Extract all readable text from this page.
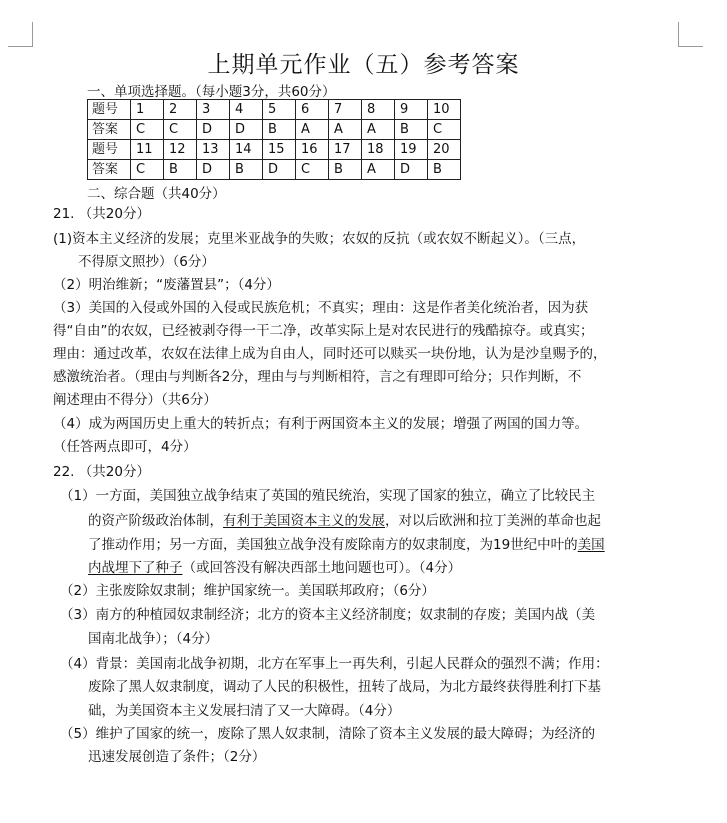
上期单元作业（五）参考答案
一、单项选择题。（每小题3分，共60分）
题号	1	2	3	4	5	6	7	8	9	10
答案	C	C	D	D	B	A	A	A	B	C
题号	11	12	13	14	15	16	17	18	19	20
答案	C	B	D	B	D	C	B	A	D	B
二、综合题（共40分）
21. （共20分）
(1)资本主义经济的发展；克里米亚战争的失败；农奴的反抗（或农奴不断起义）。（三点，
不得原文照抄）（6分）
（2）明治维新；“废藩置县”；（4分）
（3）美国的入侵或外国的入侵或民族危机；不真实；理由：这是作者美化统治者，因为获
得“自由”的农奴，已经被剥夺得一干二净，改革实际上是对农民进行的残酷掠夺。或真实；
理由：通过改革，农奴在法律上成为自由人，同时还可以赎买一块份地，认为是沙皇赐予的，
感激统治者。（理由与判断各2分，理由与与判断相符，言之有理即可给分；只作判断，不
阐述理由不得分）（共6分）
（4）成为两国历史上重大的转折点；有利于两国资本主义的发展；增强了两国的国力等。
（任答两点即可，4分）
22. （共20分）
（1）一方面，美国独立战争结束了英国的殖民统治，实现了国家的独立，确立了比较民主
的资产阶级政治体制，有利于美国资本主义的发展，对以后欧洲和拉丁美洲的革命也起
了推动作用；另一方面，美国独立战争没有废除南方的奴隶制度，为19世纪中叶的美国
内战埋下了种子（或回答没有解决西部土地问题也可）。（4分）
（2）主张废除奴隶制；维护国家统一。美国联邦政府；（6分）
（3）南方的种植园奴隶制经济；北方的资本主义经济制度；奴隶制的存废；美国内战（美
国南北战争）；（4分）
（4）背景：美国南北战争初期，北方在军事上一再失利，引起人民群众的强烈不满；作用：
废除了黑人奴隶制度，调动了人民的积极性，扭转了战局，为北方最终获得胜利打下基
础，为美国资本主义发展扫清了又一大障碍。（4分）
（5）维护了国家的统一，废除了黑人奴隶制，清除了资本主义发展的最大障碍；为经济的
迅速发展创造了条件；（2分）
